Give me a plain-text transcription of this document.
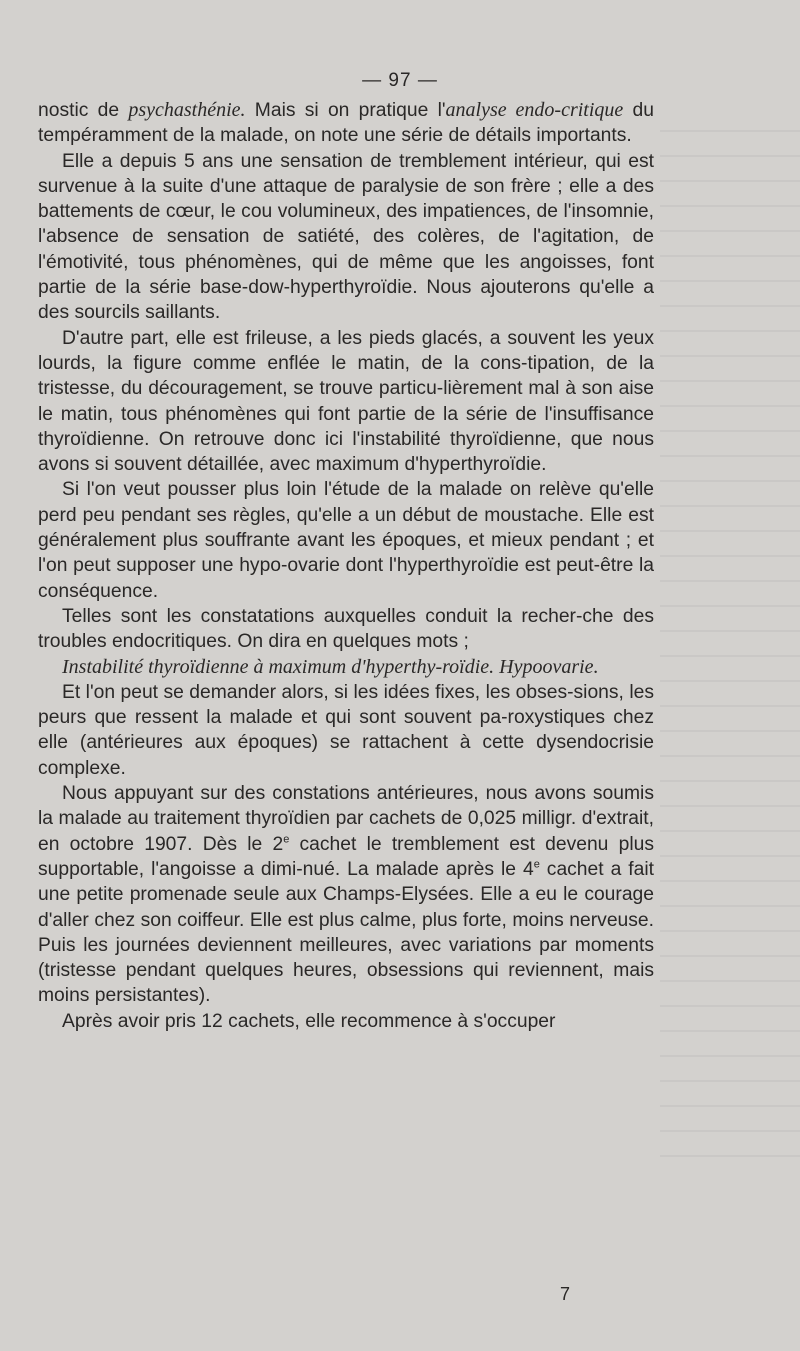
— 97 —

nostic de psychasthénie. Mais si on pratique l'analyse endo-critique du tempéramment de la malade, on note une série de détails importants.

Elle a depuis 5 ans une sensation de tremblement intérieur, qui est survenue à la suite d'une attaque de paralysie de son frère ; elle a des battements de cœur, le cou volumineux, des impatiences, de l'insomnie, l'absence de sensation de satiété, des colères, de l'agitation, de l'émotivité, tous phénomènes, qui de même que les angoisses, font partie de la série base-dow-hyperthyroïdie. Nous ajouterons qu'elle a des sourcils saillants.

D'autre part, elle est frileuse, a les pieds glacés, a souvent les yeux lourds, la figure comme enflée le matin, de la cons-tipation, de la tristesse, du découragement, se trouve particu-lièrement mal à son aise le matin, tous phénomènes qui font partie de la série de l'insuffisance thyroïdienne. On retrouve donc ici l'instabilité thyroïdienne, que nous avons si souvent détaillée, avec maximum d'hyperthyroïdie.

Si l'on veut pousser plus loin l'étude de la malade on relève qu'elle perd peu pendant ses règles, qu'elle a un début de moustache. Elle est généralement plus souffrante avant les époques, et mieux pendant ; et l'on peut supposer une hypo-ovarie dont l'hyperthyroïdie est peut-être la conséquence.

Telles sont les constatations auxquelles conduit la recher-che des troubles endocritiques. On dira en quelques mots ;

Instabilité thyroïdienne à maximum d'hyperthy-roïdie. Hypoovarie.

Et l'on peut se demander alors, si les idées fixes, les obses-sions, les peurs que ressent la malade et qui sont souvent pa-roxystiques chez elle (antérieures aux époques) se rattachent à cette dysendocrisie complexe.

Nous appuyant sur des constations antérieures, nous avons soumis la malade au traitement thyroïdien par cachets de 0,025 milligr. d'extrait, en octobre 1907. Dès le 2e cachet le tremblement est devenu plus supportable, l'angoisse a dimi-nué. La malade après le 4e cachet a fait une petite promenade seule aux Champs-Elysées. Elle a eu le courage d'aller chez son coiffeur. Elle est plus calme, plus forte, moins nerveuse. Puis les journées deviennent meilleures, avec variations par moments (tristesse pendant quelques heures, obsessions qui reviennent, mais moins persistantes).

Après avoir pris 12 cachets, elle recommence à s'occuper

7
